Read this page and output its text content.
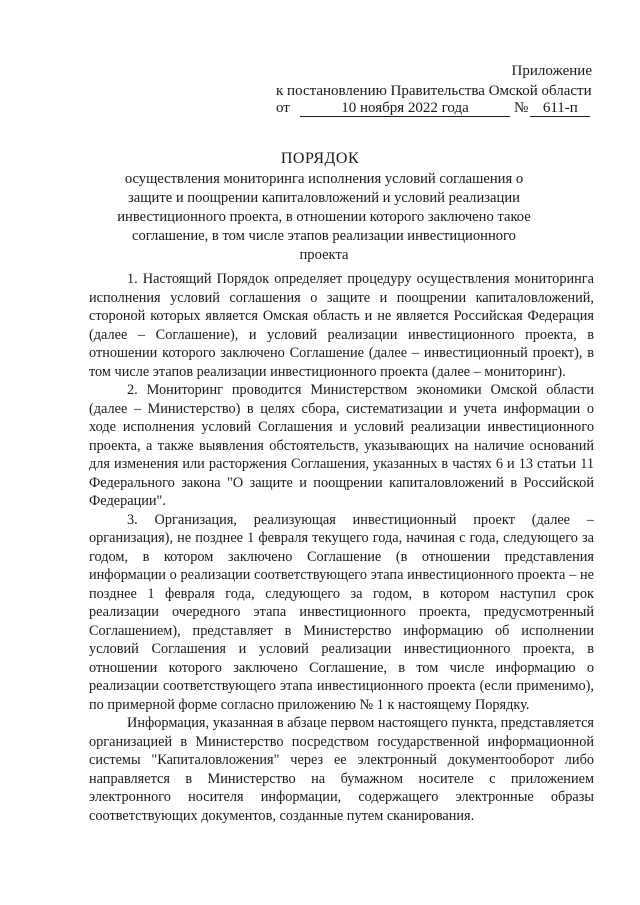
Приложение
к постановлению Правительства Омской области
от	10 ноября 2022 года	№ 611-п
ПОРЯДОК
осуществления мониторинга исполнения условий соглашения о защите и поощрении капиталовложений и условий реализации инвестиционного проекта, в отношении которого заключено такое соглашение, в том числе этапов реализации инвестиционного проекта

1. Настоящий Порядок определяет процедуру осуществления мониторинга исполнения условий соглашения о защите и поощрении капиталовложений, стороной которых является Омская область и не является Российская Федерация (далее – Соглашение), и условий реализации инвестиционного проекта, в отношении которого заключено Соглашение (далее – инвестиционный проект), в том числе этапов реализации инвестиционного проекта (далее – мониторинг).

2. Мониторинг проводится Министерством экономики Омской области (далее – Министерство) в целях сбора, систематизации и учета информации о ходе исполнения условий Соглашения и условий реализации инвестиционного проекта, а также выявления обстоятельств, указывающих на наличие оснований для изменения или расторжения Соглашения, указанных в частях 6 и 13 статьи 11 Федерального закона "О защите и поощрении капиталовложений в Российской Федерации".

3. Организация, реализующая инвестиционный проект (далее – организация), не позднее 1 февраля текущего года, начиная с года, следующего за годом, в котором заключено Соглашение (в отношении представления информации о реализации соответствующего этапа инвестиционного проекта – не позднее 1 февраля года, следующего за годом, в котором наступил срок реализации очередного этапа инвестиционного проекта, предусмотренный Соглашением), представляет в Министерство информацию об исполнении условий Соглашения и условий реализации инвестиционного проекта, в отношении которого заключено Соглашение, в том числе информацию о реализации соответствующего этапа инвестиционного проекта (если применимо), по примерной форме согласно приложению № 1 к настоящему Порядку.

Информация, указанная в абзаце первом настоящего пункта, представляется организацией в Министерство посредством государственной информационной системы "Капиталовложения" через ее электронный документооборот либо направляется в Министерство на бумажном носителе с приложением электронного носителя информации, содержащего электронные образы соответствующих документов, созданные путем сканирования.
